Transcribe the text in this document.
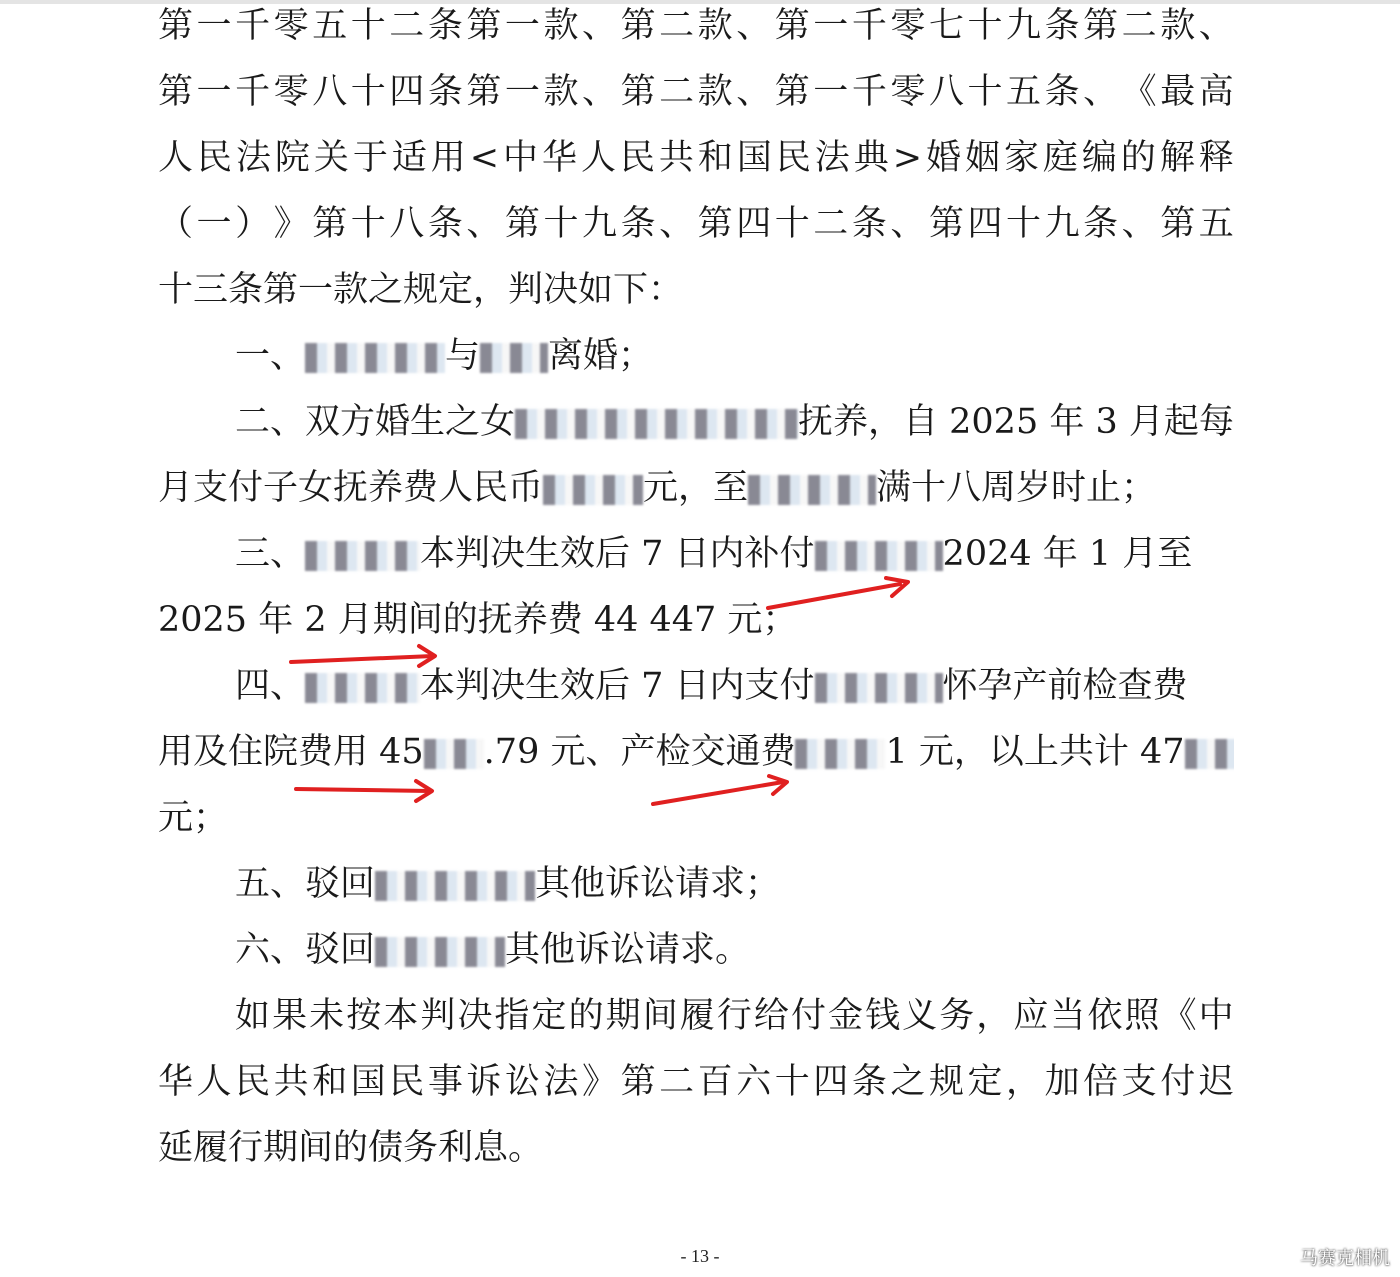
第 一 千 零 五 十 二 条 第 一 款 、 第 二 款 、 第 一 千 零 七 十 九 条 第 二 款 、
第 一 千 零 八 十 四 条 第 一 款 、 第 二 款 、 第 一 千 零 八 十 五 条 、 《 最 高
人 民 法 院 关 于 适 用 < 中 华 人 民 共 和 国 民 法 典 > 婚 姻 家 庭 编 的 解 释
（ 一 ） 》 第 十 八 条 、 第 十 九 条 、 第 四 十 二 条 、 第 四 十 九 条 、 第 五
十三条第一款之规定，判决如下：
一、	与 离婚；
二、双方婚生之女	抚养，自 2025 年 3 月起每
月支付子女抚养费人民币	元，至	满十八周岁时止；
三、	本判决生效后 7 日内补付	2024 年 1 月至
2025 年 2 月期间的抚养费 44 447 元；
四、	本判决生效后 7 日内支付	怀孕产前检查费
用及住院费用 45 .79 元、产检交通费	1 元，以上共计 47
元；
五、驳回	其他诉讼请求；
六、驳回	其他诉讼请求。
如 果 未 按 本 判 决 指 定 的 期 间 履 行 给 付 金 钱 义 务 ， 应 当 依 照 《 中
华 人 民 共 和 国 民 事 诉 讼 法 》 第 二 百 六 十 四 条 之 规 定 ， 加 倍 支 付 迟
延履行期间的债务利息。
- 13 -	马赛克相机
